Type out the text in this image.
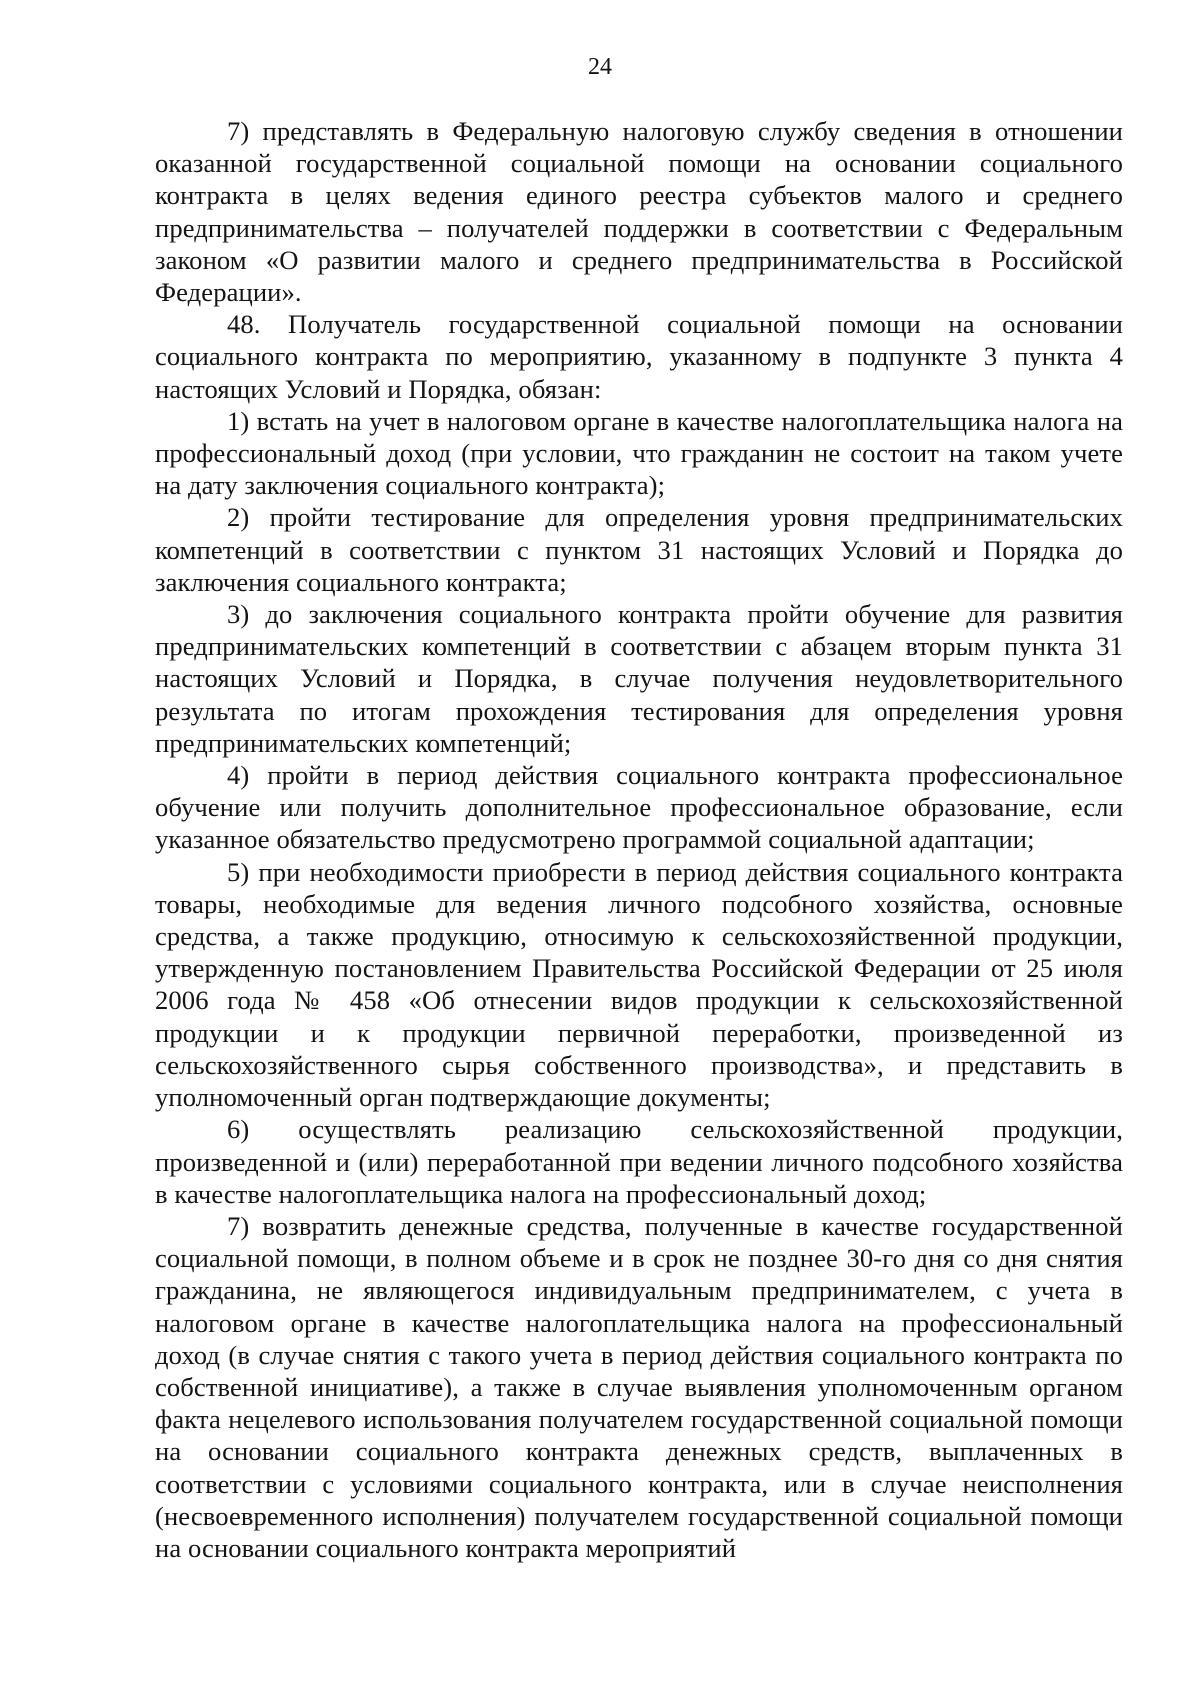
24

7) представлять в Федеральную налоговую службу сведения в отношении оказанной государственной социальной помощи на основании социального контракта в целях ведения единого реестра субъектов малого и среднего предпринимательства – получателей поддержки в соответствии с Федеральным законом «О развитии малого и среднего предпринимательства в Российской Федерации».

48. Получатель государственной социальной помощи на основании социального контракта по мероприятию, указанному в подпункте 3 пункта 4 настоящих Условий и Порядка, обязан:

1) встать на учет в налоговом органе в качестве налогоплательщика налога на профессиональный доход (при условии, что гражданин не состоит на таком учете на дату заключения социального контракта);

2) пройти тестирование для определения уровня предпринимательских компетенций в соответствии с пунктом 31 настоящих Условий и Порядка до заключения социального контракта;

3) до заключения социального контракта пройти обучение для развития предпринимательских компетенций в соответствии с абзацем вторым пункта 31 настоящих Условий и Порядка, в случае получения неудовлетворительного результата по итогам прохождения тестирования для определения уровня предпринимательских компетенций;

4) пройти в период действия социального контракта профессиональное обучение или получить дополнительное профессиональное образование, если указанное обязательство предусмотрено программой социальной адаптации;

5) при необходимости приобрести в период действия социального контракта товары, необходимые для ведения личного подсобного хозяйства, основные средства, а также продукцию, относимую к сельскохозяйственной продукции, утвержденную постановлением Правительства Российской Федерации от 25 июля 2006 года № 458 «Об отнесении видов продукции к сельскохозяйственной продукции и к продукции первичной переработки, произведенной из сельскохозяйственного сырья собственного производства», и представить в уполномоченный орган подтверждающие документы;

6) осуществлять реализацию сельскохозяйственной продукции, произведенной и (или) переработанной при ведении личного подсобного хозяйства в качестве налогоплательщика налога на профессиональный доход;

7) возвратить денежные средства, полученные в качестве государственной социальной помощи, в полном объеме и в срок не позднее 30-го дня со дня снятия гражданина, не являющегося индивидуальным предпринимателем, с учета в налоговом органе в качестве налогоплательщика налога на профессиональный доход (в случае снятия с такого учета в период действия социального контракта по собственной инициативе), а также в случае выявления уполномоченным органом факта нецелевого использования получателем государственной социальной помощи на основании социального контракта денежных средств, выплаченных в соответствии с условиями социального контракта, или в случае неисполнения (несвоевременного исполнения) получателем государственной социальной помощи на основании социального контракта мероприятий
